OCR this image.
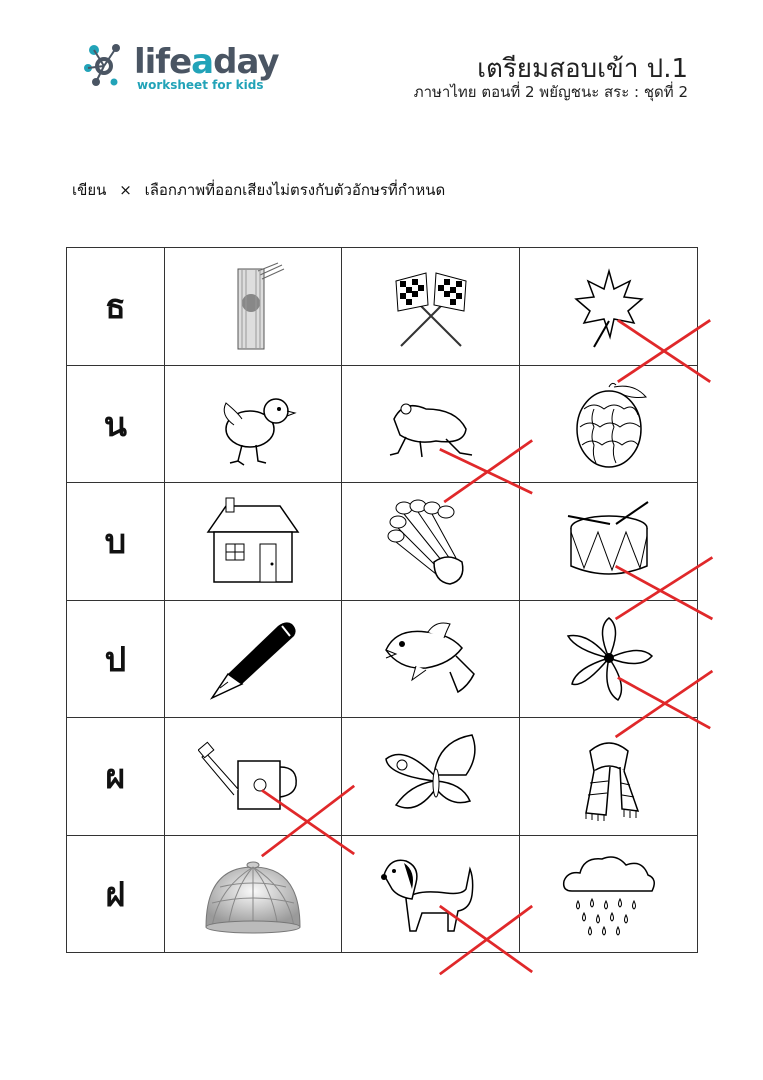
lifeaday
worksheet for kids
เตรียมสอบเข้า ป.1
ภาษาไทย ตอนที่ 2 พยัญชนะ สระ : ชุดที่ 2
เขียน × เลือกภาพที่ออกเสียงไม่ตรงกับตัวอักษรที่กำหนด
ธ	

น	

บ	

ป	

ผ	

ฝ	
